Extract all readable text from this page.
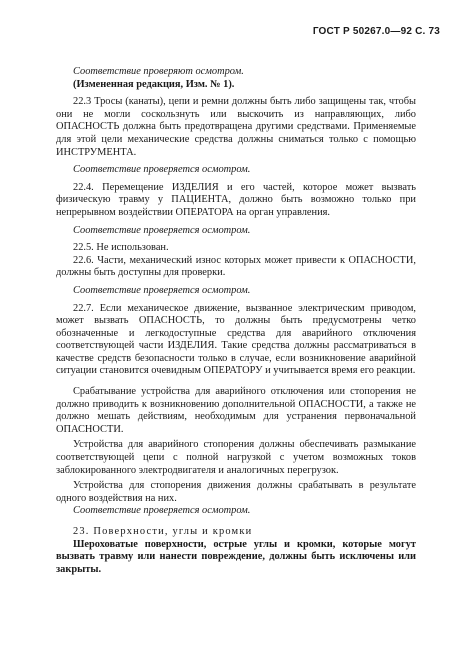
ГОСТ Р 50267.0—92 С. 73

Соответствие проверяют осмотром.

(Измененная редакция, Изм. № 1).

22.3 Тросы (канаты), цепи и ремни должны быть либо защищены так, чтобы они не могли соскользнуть или выскочить из направляющих, либо ОПАСНОСТЬ должна быть предотвращена другими средствами. Применяемые для этой цели механические средства должны сниматься только с помощью ИНСТРУМЕНТА.

Соответствие проверяется осмотром.

22.4. Перемещение ИЗДЕЛИЯ и его частей, которое может вызвать физическую травму у ПАЦИЕНТА, должно быть возможно только при непрерывном воздействии ОПЕРАТОРА на орган управления.

Соответствие проверяется осмотром.

22.5. Не использован.

22.6. Части, механический износ которых может привести к ОПАСНОСТИ, должны быть доступны для проверки.

Соответствие проверяется осмотром.

22.7. Если механическое движение, вызванное электрическим приводом, может вызвать ОПАСНОСТЬ, то должны быть предусмотрены четко обозначенные и легкодоступные средства для аварийного отключения соответствующей части ИЗДЕЛИЯ. Такие средства должны рассматриваться в качестве средств безопасности только в случае, если возникновение аварийной ситуации становится очевидным ОПЕРАТОРУ и учитывается время его реакции.

Срабатывание устройства для аварийного отключения или стопорения не должно приводить к возникновению дополнительной ОПАСНОСТИ, а также не должно мешать действиям, необходимым для устранения первоначальной ОПАСНОСТИ.

Устройства для аварийного стопорения должны обеспечивать размыкание соответствующей цепи с полной нагрузкой с учетом возможных токов заблокированного электродвигателя и аналогичных перегрузок.

Устройства для стопорения движения должны срабатывать в результате одного воздействия на них.

Соответствие проверяется осмотром.

23. Поверхности, углы и кромки

Шероховатые поверхности, острые углы и кромки, которые могут вызвать травму или нанести повреждение, должны быть исключены или закрыты.
